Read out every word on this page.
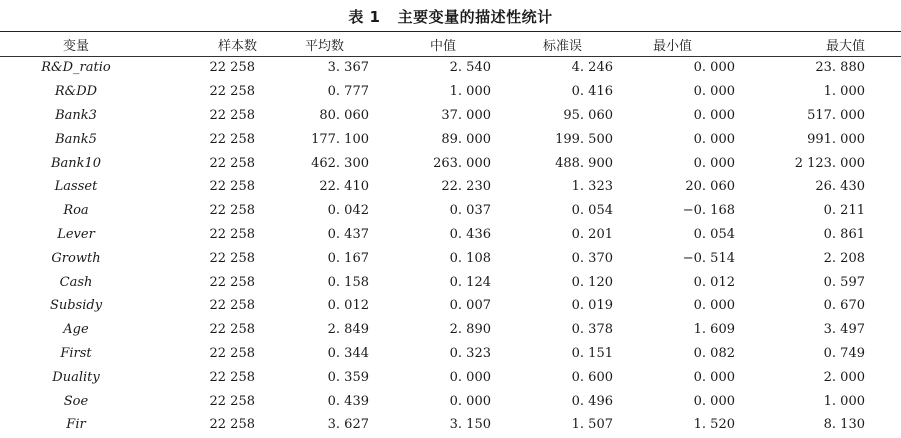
表 1   主要变量的描述性统计
变量	样本数	平均数	中值	标准误	最小值	最大值
R&D_ratio	22 258	3. 367	2. 540	4. 246	0. 000	23. 880
R&DD	22 258	0. 777	1. 000	0. 416	0. 000	1. 000
Bank3	22 258	80. 060	37. 000	95. 060	0. 000	517. 000
Bank5	22 258	177. 100	89. 000	199. 500	0. 000	991. 000
Bank10	22 258	462. 300	263. 000	488. 900	0. 000	2 123. 000
Lasset	22 258	22. 410	22. 230	1. 323	20. 060	26. 430
Roa	22 258	0. 042	0. 037	0. 054	−0. 168	0. 211
Lever	22 258	0. 437	0. 436	0. 201	0. 054	0. 861
Growth	22 258	0. 167	0. 108	0. 370	−0. 514	2. 208
Cash	22 258	0. 158	0. 124	0. 120	0. 012	0. 597
Subsidy	22 258	0. 012	0. 007	0. 019	0. 000	0. 670
Age	22 258	2. 849	2. 890	0. 378	1. 609	3. 497
First	22 258	0. 344	0. 323	0. 151	0. 082	0. 749
Duality	22 258	0. 359	0. 000	0. 600	0. 000	2. 000
Soe	22 258	0. 439	0. 000	0. 496	0. 000	1. 000
Fir	22 258	3. 627	3. 150	1. 507	1. 520	8. 130
